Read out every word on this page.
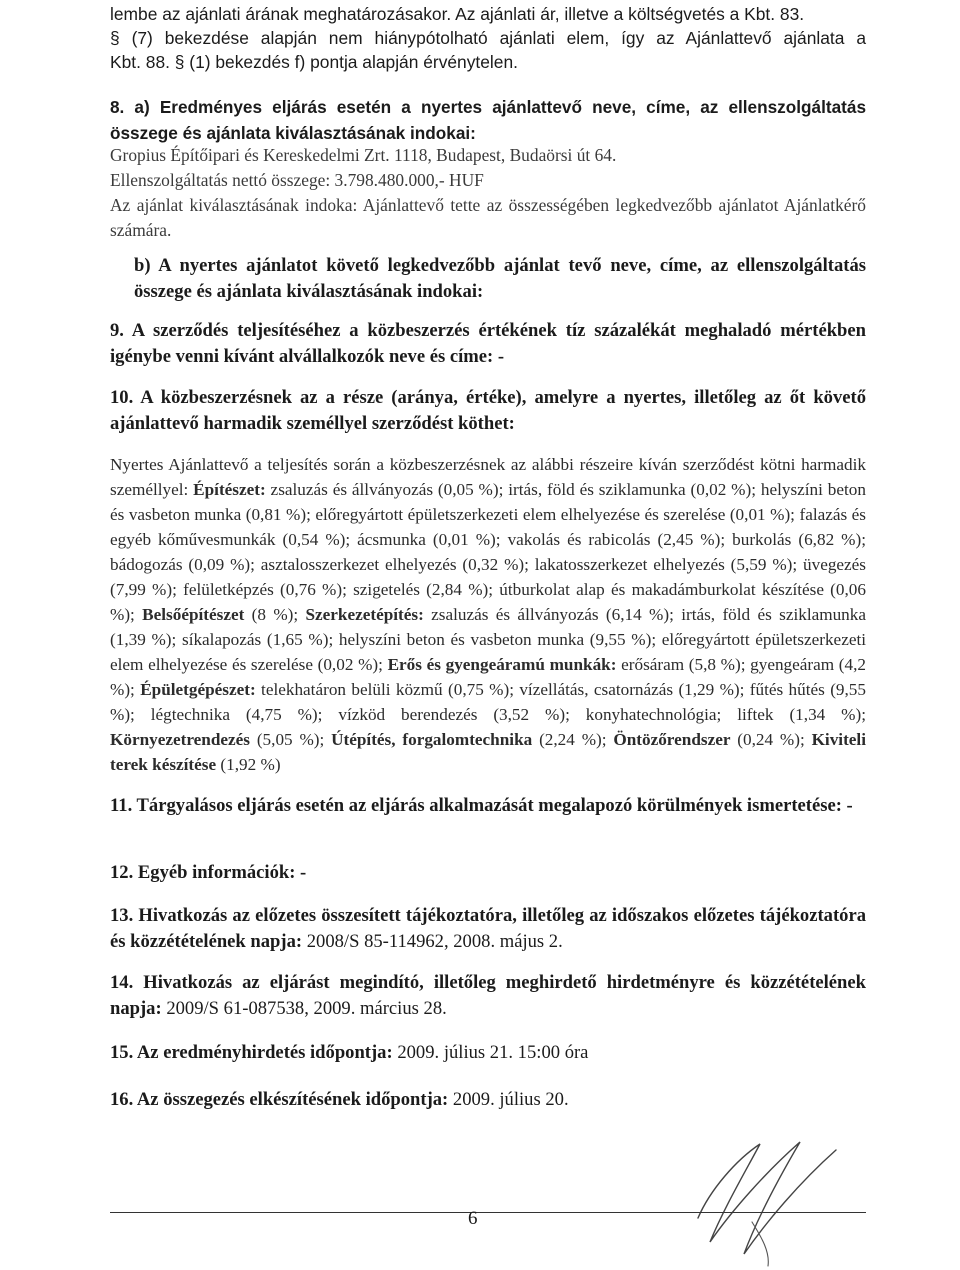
lembe az ajánlati árának meghatározásakor. Az ajánlati ár, illetve a költségvetés a Kbt. 83.
§ (7) bekezdése alapján nem hiánypótolható ajánlati elem, így az Ajánlattevő ajánlata a
Kbt. 88. § (1) bekezdés f) pontja alapján érvénytelen.
8. a) Eredményes eljárás esetén a nyertes ajánlattevő neve, címe, az ellenszolgáltatás
összege és ajánlata kiválasztásának indokai:
Gropius Építőipari és Kereskedelmi Zrt. 1118, Budapest, Budaörsi út 64.
Ellenszolgáltatás nettó összege: 3.798.480.000,- HUF
Az ajánlat kiválasztásának indoka: Ajánlattevő tette az összességében legkedvezőbb ajánlatot Ajánlatkérő számára.
b) A nyertes ajánlatot követő legkedvezőbb ajánlat tevő neve, címe, az ellenszolgáltatás összege és ajánlata kiválasztásának indokai:
9. A szerződés teljesítéséhez a közbeszerzés értékének tíz százalékát meghaladó mértékben igénybe venni kívánt alvállalkozók neve és címe: -
10. A közbeszerzésnek az a része (aránya, értéke), amelyre a nyertes, illetőleg az őt követő ajánlattevő harmadik személlyel szerződést köthet:
Nyertes Ajánlattevő a teljesítés során a közbeszerzésnek az alábbi részeire kíván szerződést kötni harmadik személlyel: Építészet: zsaluzás és állványozás (0,05 %); irtás, föld és sziklamunka (0,02 %); helyszíni beton és vasbeton munka (0,81 %); előregyártott épületszerkezeti elem elhelyezése és szerelése (0,01 %); falazás és egyéb kőművesmunkák (0,54 %); ácsmunka (0,01 %); vakolás és rabicolás (2,45 %); burkolás (6,82 %); bádogozás (0,09 %); asztalosszerkezet elhelyezés (0,32 %); lakatosszerkezet elhelyezés (5,59 %); üvegezés (7,99 %); felületképzés (0,76 %); szigetelés (2,84 %); útburkolat alap és makadámburkolat készítése (0,06 %); Belsőépítészet (8 %); Szerkezetépítés: zsaluzás és állványozás (6,14 %); irtás, föld és sziklamunka (1,39 %); síkalapozás (1,65 %); helyszíni beton és vasbeton munka (9,55 %); előregyártott épületszerkezeti elem elhelyezése és szerelése (0,02 %); Erős és gyengeáramú munkák: erősáram (5,8 %); gyengeáram (4,2 %); Épületgépészet: telekhatáron belüli közmű (0,75 %); vízellátás, csatornázás (1,29 %); fűtés hűtés (9,55 %); légtechnika (4,75 %); vízköd berendezés (3,52 %); konyhatechnológia; liftek (1,34 %); Környezetrendezés (5,05 %); Útépítés, forgalomtechnika (2,24 %); Öntözőrendszer (0,24 %); Kiviteli terek készítése (1,92 %)
11. Tárgyalásos eljárás esetén az eljárás alkalmazását megalapozó körülmények ismertetése: -
12. Egyéb információk: -
13. Hivatkozás az előzetes összesített tájékoztatóra, illetőleg az időszakos előzetes tájékoztatóra és közzétételének napja: 2008/S 85-114962, 2008. május 2.
14. Hivatkozás az eljárást megindító, illetőleg meghirdető hirdetményre és közzétételének napja: 2009/S 61-087538, 2009. március 28.
15. Az eredményhirdetés időpontja: 2009. július 21. 15:00 óra
16. Az összegezés elkészítésének időpontja: 2009. július 20.
6
